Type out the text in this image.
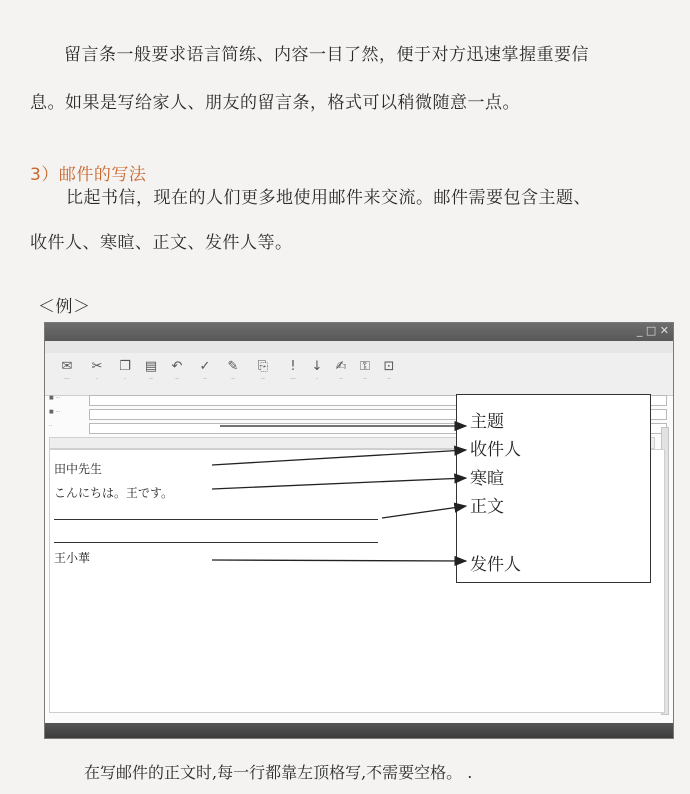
留言条一般要求语言简练、内容一目了然，便于对方迅速掌握重要信
息。如果是写给家人、朋友的留言条，格式可以稍微随意一点。
3）邮件的写法
比起书信，现在的人们更多地使用邮件来交流。邮件需要包含主题、
收件人、寒暄、正文、发件人等。
＜例＞
_ □ ✕
✉
···
✂
·
❐
·
▤
··
↶
··
✓
··
✎
··
⎘
··
!
···
↓
·
✍
··
⚿
··
⊡
··
■ ···
■ ···
··
田中先生
こんにちは。王です。
王小華
主题
收件人
寒暄
正文
发件人
在写邮件的正文时,每一行都靠左顶格写,不需要空格。 .
